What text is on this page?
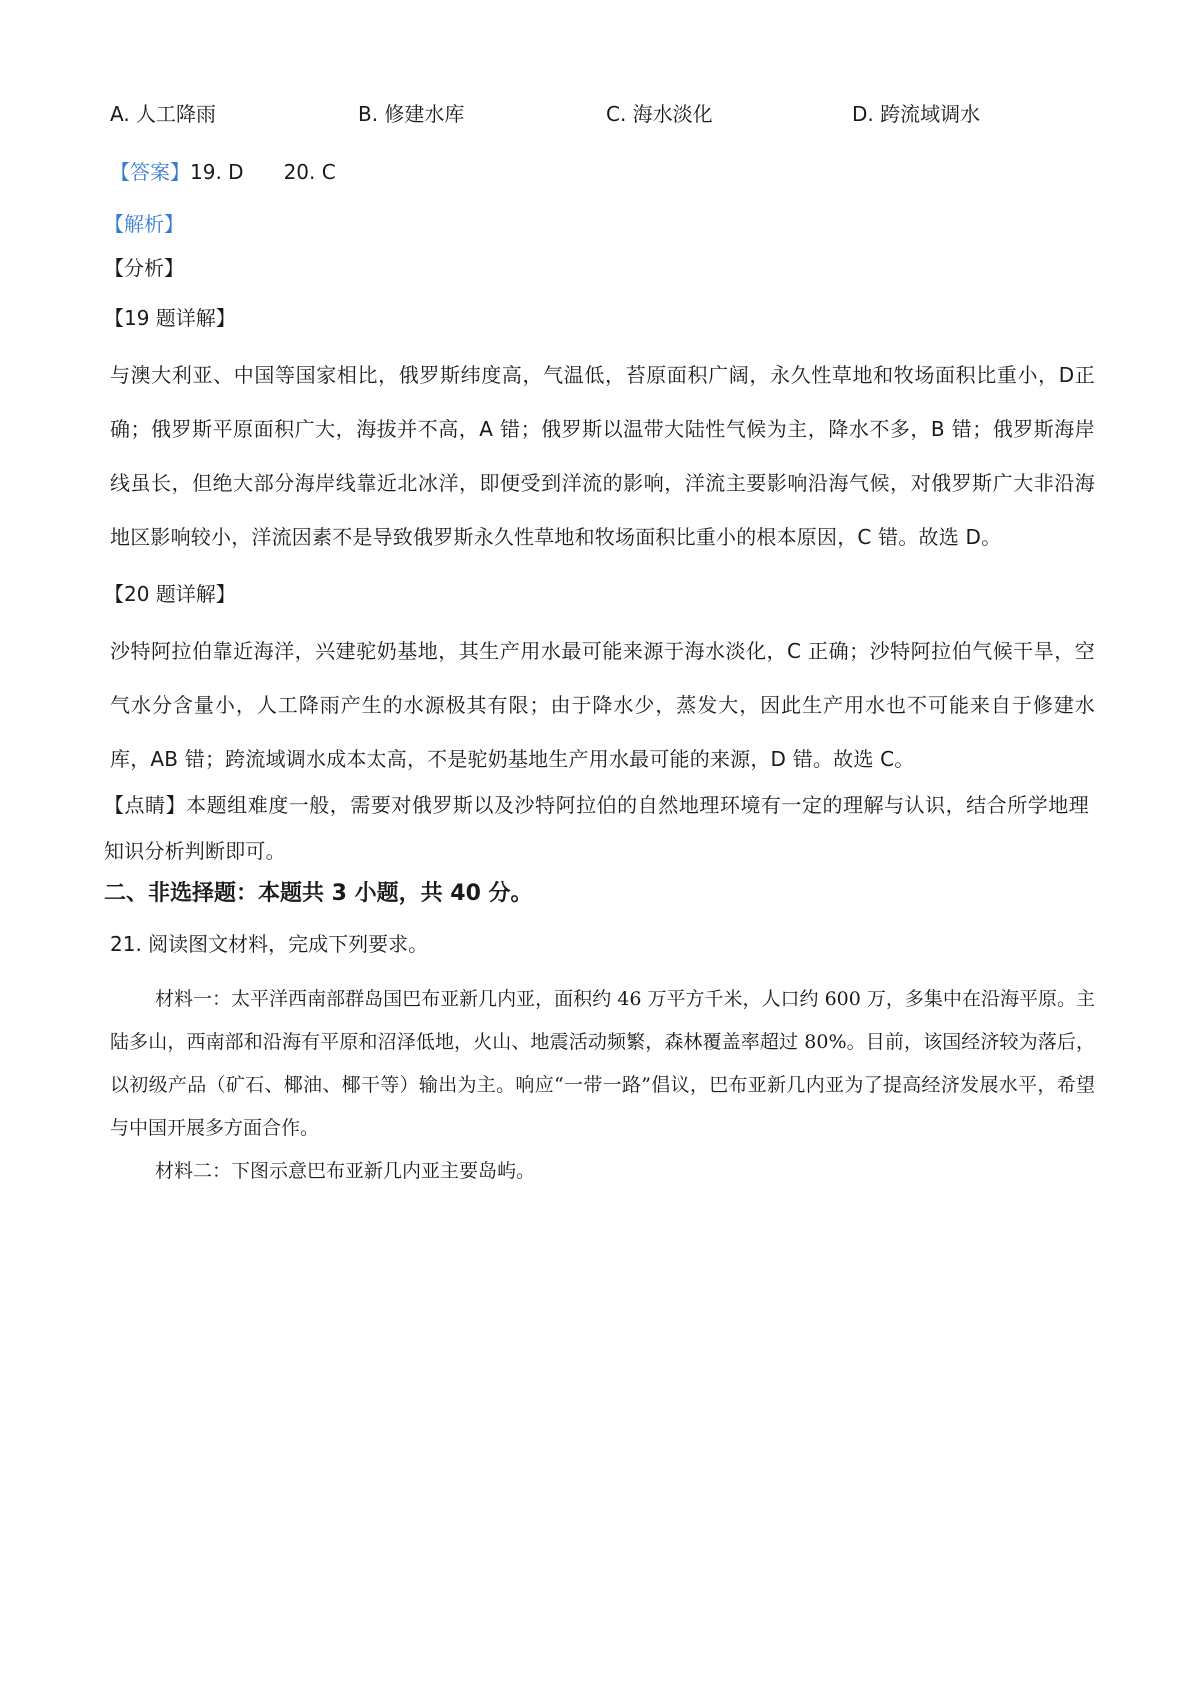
A. 人工降雨	B. 修建水库	C. 海水淡化	D. 跨流域调水
【答案】19. D 20. C
【解析】
【分析】
【19 题详解】
与澳大利亚、中国等国家相比，俄罗斯纬度高，气温低，苔原面积广阔，永久性草地和牧场面积比重小，D正确；俄罗斯平原面积广大，海拔并不高，A 错；俄罗斯以温带大陆性气候为主，降水不多，B 错；俄罗斯海岸线虽长，但绝大部分海岸线靠近北冰洋，即便受到洋流的影响，洋流主要影响沿海气候，对俄罗斯广大非沿海地区影响较小，洋流因素不是导致俄罗斯永久性草地和牧场面积比重小的根本原因，C 错。故选 D。
【20 题详解】
沙特阿拉伯靠近海洋，兴建驼奶基地，其生产用水最可能来源于海水淡化，C 正确；沙特阿拉伯气候干旱，空气水分含量小，人工降雨产生的水源极其有限；由于降水少，蒸发大，因此生产用水也不可能来自于修建水库，AB 错；跨流域调水成本太高，不是驼奶基地生产用水最可能的来源，D 错。故选 C。
【点睛】本题组难度一般，需要对俄罗斯以及沙特阿拉伯的自然地理环境有一定的理解与认识，结合所学地理知识分析判断即可。
二、非选择题：本题共 3 小题，共 40 分。
21. 阅读图文材料，完成下列要求。
材料一：太平洋西南部群岛国巴布亚新几内亚，面积约 46 万平方千米，人口约 600 万，多集中在沿海平原。主陆多山，西南部和沿海有平原和沼泽低地，火山、地震活动频繁，森林覆盖率超过 80%。目前，该国经济较为落后，以初级产品（矿石、椰油、椰干等）输出为主。响应“一带一路”倡议，巴布亚新几内亚为了提高经济发展水平，希望与中国开展多方面合作。
材料二：下图示意巴布亚新几内亚主要岛屿。
